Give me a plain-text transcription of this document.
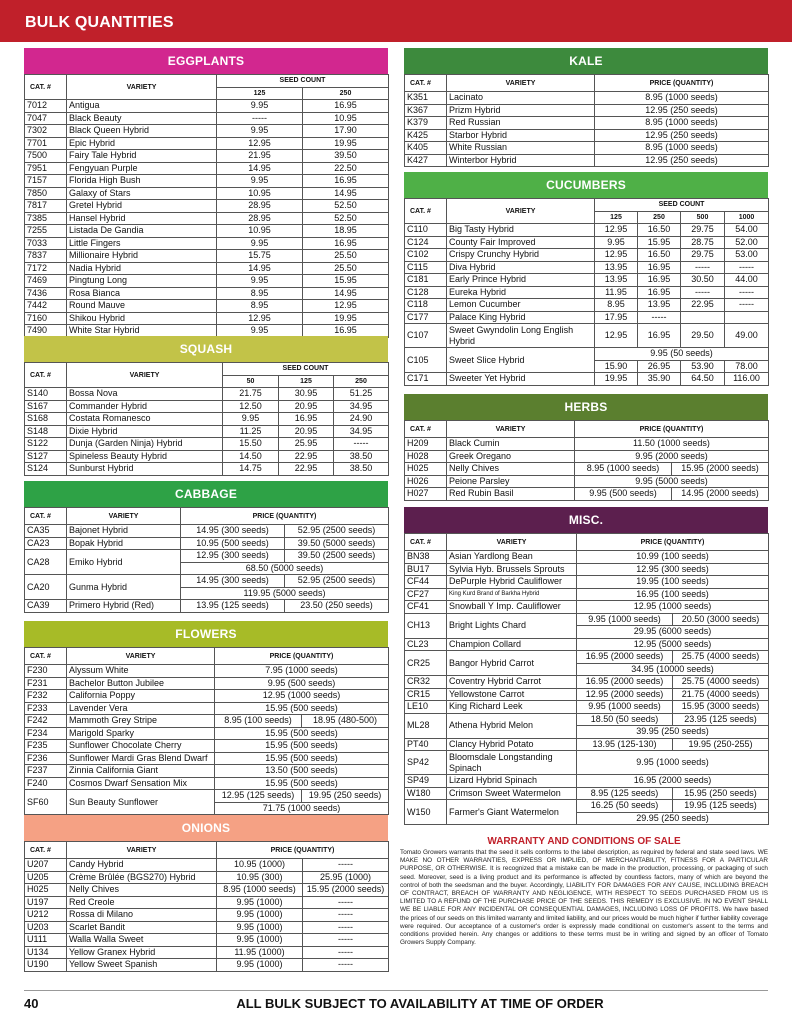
BULK QUANTITIES
EGGPLANTS
CAT. #	VARIETY	SEED COUNT	
		125	250
7012	Antigua	9.95	16.95
7047	Black Beauty	-----	10.95
7302	Black Queen Hybrid	9.95	17.90
7701	Epic Hybrid	12.95	19.95
7500	Fairy Tale Hybrid	21.95	39.50
7951	Fengyuan Purple	14.95	22.50
7157	Florida High Bush	9.95	16.95
7850	Galaxy of Stars	10.95	14.95
7817	Gretel Hybrid	28.95	52.50
7385	Hansel Hybrid	28.95	52.50
7255	Listada De Gandia	10.95	18.95
7033	Little Fingers	9.95	16.95
7837	Millionaire Hybrid	15.75	25.50
7172	Nadia Hybrid	14.95	25.50
7469	Pingtung Long	9.95	15.95
7436	Rosa Bianca	8.95	14.95
7442	Round Mauve	8.95	12.95
7160	Shikou Hybrid	12.95	19.95
7490	White Star Hybrid	9.95	16.95
SQUASH
CAT. #	VARIETY	SEED COUNT		
		50	125	250
S140	Bossa Nova	21.75	30.95	51.25
S167	Commander Hybrid	12.50	20.95	34.95
S168	Costata Romanesco	9.95	16.95	24.90
S148	Dixie Hybrid	11.25	20.95	34.95
S122	Dunja (Garden Ninja) Hybrid	15.50	25.95	-----
S127	Spineless Beauty Hybrid	14.50	22.95	38.50
S124	Sunburst Hybrid	14.75	22.95	38.50
CABBAGE
CAT. #	VARIETY	PRICE (QUANTITY)	
CA35	Bajonet Hybrid	14.95 (300 seeds)	52.95 (2500 seeds)
CA23	Bopak Hybrid	10.95 (500 seeds)	39.50 (5000 seeds)
CA28	Emiko Hybrid	12.95 (300 seeds)	39.50 (2500 seeds)
		68.50 (5000 seeds)	
CA20	Gunma Hybrid	14.95 (300 seeds)	52.95 (2500 seeds)
		119.95 (5000 seeds)	
CA39	Primero Hybrid (Red)	13.95 (125 seeds)	23.50 (250 seeds)
FLOWERS
CAT. #	VARIETY	PRICE (QUANTITY)	
F230	Alyssum White	7.95 (1000 seeds)	
F231	Bachelor Button Jubilee	9.95 (500 seeds)	
F232	California Poppy	12.95 (1000 seeds)	
F233	Lavender Vera	15.95 (500 seeds)	
F242	Mammoth Grey Stripe	8.95 (100 seeds)	18.95 (480-500)
F234	Marigold Sparky	15.95 (500 seeds)	
F235	Sunflower Chocolate Cherry	15.95 (500 seeds)	
F236	Sunflower Mardi Gras Blend Dwarf	15.95 (500 seeds)	
F237	Zinnia California Giant	13.50 (500 seeds)	
F240	Cosmos Dwarf Sensation Mix	15.95 (500 seeds)	
SF60	Sun Beauty Sunflower	12.95 (125 seeds)	19.95 (250 seeds)
		71.75 (1000 seeds)	
ONIONS
CAT. #	VARIETY	PRICE (QUANTITY)	
U207	Candy Hybrid	10.95 (1000)	-----
U205	Crème Brûlée (BGS270) Hybrid	10.95 (300)	25.95 (1000)
H025	Nelly Chives	8.95 (1000 seeds)	15.95 (2000 seeds)
U197	Red Creole	9.95 (1000)	-----
U212	Rossa di Milano	9.95 (1000)	-----
U203	Scarlet Bandit	9.95 (1000)	-----
U111	Walla Walla Sweet	9.95 (1000)	-----
U134	Yellow Granex Hybrid	11.95 (1000)	-----
U190	Yellow Sweet Spanish	9.95 (1000)	-----
KALE
CAT. #	VARIETY	PRICE (QUANTITY)
K351	Lacinato	8.95 (1000 seeds)
K367	Prizm Hybrid	12.95 (250 seeds)
K379	Red Russian	8.95 (1000 seeds)
K425	Starbor Hybrid	12.95 (250 seeds)
K405	White Russian	8.95 (1000 seeds)
K427	Winterbor Hybrid	12.95 (250 seeds)
CUCUMBERS
CAT. #	VARIETY	SEED COUNT			
		125	250	500	1000
C110	Big Tasty Hybrid	12.95	16.50	29.75	54.00
C124	County Fair Improved	9.95	15.95	28.75	52.00
C102	Crispy Crunchy Hybrid	12.95	16.50	29.75	53.00
C115	Diva Hybrid	13.95	16.95	-----	-----
C181	Early Prince Hybrid	13.95	16.95	30.50	44.00
C128	Eureka Hybrid	11.95	16.95	-----	-----
C118	Lemon Cucumber	8.95	13.95	22.95	-----
C177	Palace King Hybrid	17.95	-----		
C107	Sweet Gwyndolin Long English Hybrid	12.95	16.95	29.50	49.00
C105	Sweet Slice Hybrid	9.95 (50 seeds)			
		15.90	26.95	53.90	78.00
C171	Sweeter Yet Hybrid	19.95	35.90	64.50	116.00
HERBS
CAT. #	VARIETY	PRICE (QUANTITY)	
H209	Black Cumin	11.50 (1000 seeds)	
H028	Greek Oregano	9.95 (2000 seeds)	
H025	Nelly Chives	8.95 (1000 seeds)	15.95 (2000 seeds)
H026	Peione Parsley	9.95 (5000 seeds)	
H027	Red Rubin Basil	9.95 (500 seeds)	14.95 (2000 seeds)
MISC.
CAT. #	VARIETY	PRICE (QUANTITY)	
BN38	Asian Yardlong Bean	10.99 (100 seeds)	
BU17	Sylvia Hyb. Brussels Sprouts	12.95 (300 seeds)	
CF44	DePurple Hybrid Cauliflower	19.95 (100 seeds)	
CF27	King Kurd Brand of Barkha Hybrid	16.95 (100 seeds)	
CF41	Snowball Y Imp. Cauliflower	12.95 (1000 seeds)	
CH13	Bright Lights Chard	9.95 (1000 seeds)	20.50 (3000 seeds)
		29.95 (6000 seeds)	
CL23	Champion Collard	12.95 (5000 seeds)	
CR25	Bangor Hybrid Carrot	16.95 (2000 seeds)	25.75 (4000 seeds)
		34.95 (10000 seeds)	
CR32	Coventry Hybrid Carrot	16.95 (2000 seeds)	25.75 (4000 seeds)
CR15	Yellowstone Carrot	12.95 (2000 seeds)	21.75 (4000 seeds)
LE10	King Richard Leek	9.95 (1000 seeds)	15.95 (3000 seeds)
ML28	Athena Hybrid Melon	18.50 (50 seeds)	23.95 (125 seeds)
		39.95 (250 seeds)	
PT40	Clancy Hybrid Potato	13.95 (125-130)	19.95 (250-255)
SP42	Bloomsdale Longstanding Spinach	9.95 (1000 seeds)	
SP49	Lizard Hybrid Spinach	16.95 (2000 seeds)	
W180	Crimson Sweet Watermelon	8.95 (125 seeds)	15.95 (250 seeds)
W150	Farmer's Giant Watermelon	16.25 (50 seeds)	19.95 (125 seeds)
		29.95 (250 seeds)	
WARRANTY AND CONDITIONS OF SALE

Tomato Growers warrants that the seed it sells conforms to the label description, as required by federal and state seed laws. WE MAKE NO OTHER WARRANTIES, EXPRESS OR IMPLIED, OF MERCHANTABILITY, FITNESS FOR A PARTICULAR PURPOSE, OR OTHERWISE. It is recognized that a mistake can be made in the production, processing, or packaging of such seed. Moreover, seed is a living product and its performance is affected by countless factors, many of which are beyond the control of both the seedsman and the buyer. Accordingly, LIABILITY FOR DAMAGES FOR ANY CAUSE, INCLUDING BREACH OF CONTRACT, BREACH OF WARRANTY AND NEGLIGENCE, WITH RESPECT TO SEEDS PURCHASED FROM US IS LIMITED TO A REFUND OF THE PURCHASE PRICE OF THE SEEDS. THIS REMEDY IS EXCLUSIVE. IN NO EVENT SHALL WE BE LIABLE FOR ANY INCIDENTAL OR CONSEQUENTIAL DAMAGES, INCLUDING LOSS OF PROFITS. We have based the prices of our seeds on this limited warranty and limited liability, and our prices would be much higher if further liability coverage were required. Our acceptance of a customer's order is expressly made conditional on customer's assent to the terms and conditions provided herein. Any changes or additions to these terms must be in writing and signed by an officer of Tomato Growers Supply Company.

40	ALL BULK SUBJECT TO AVAILABILITY AT TIME OF ORDER
